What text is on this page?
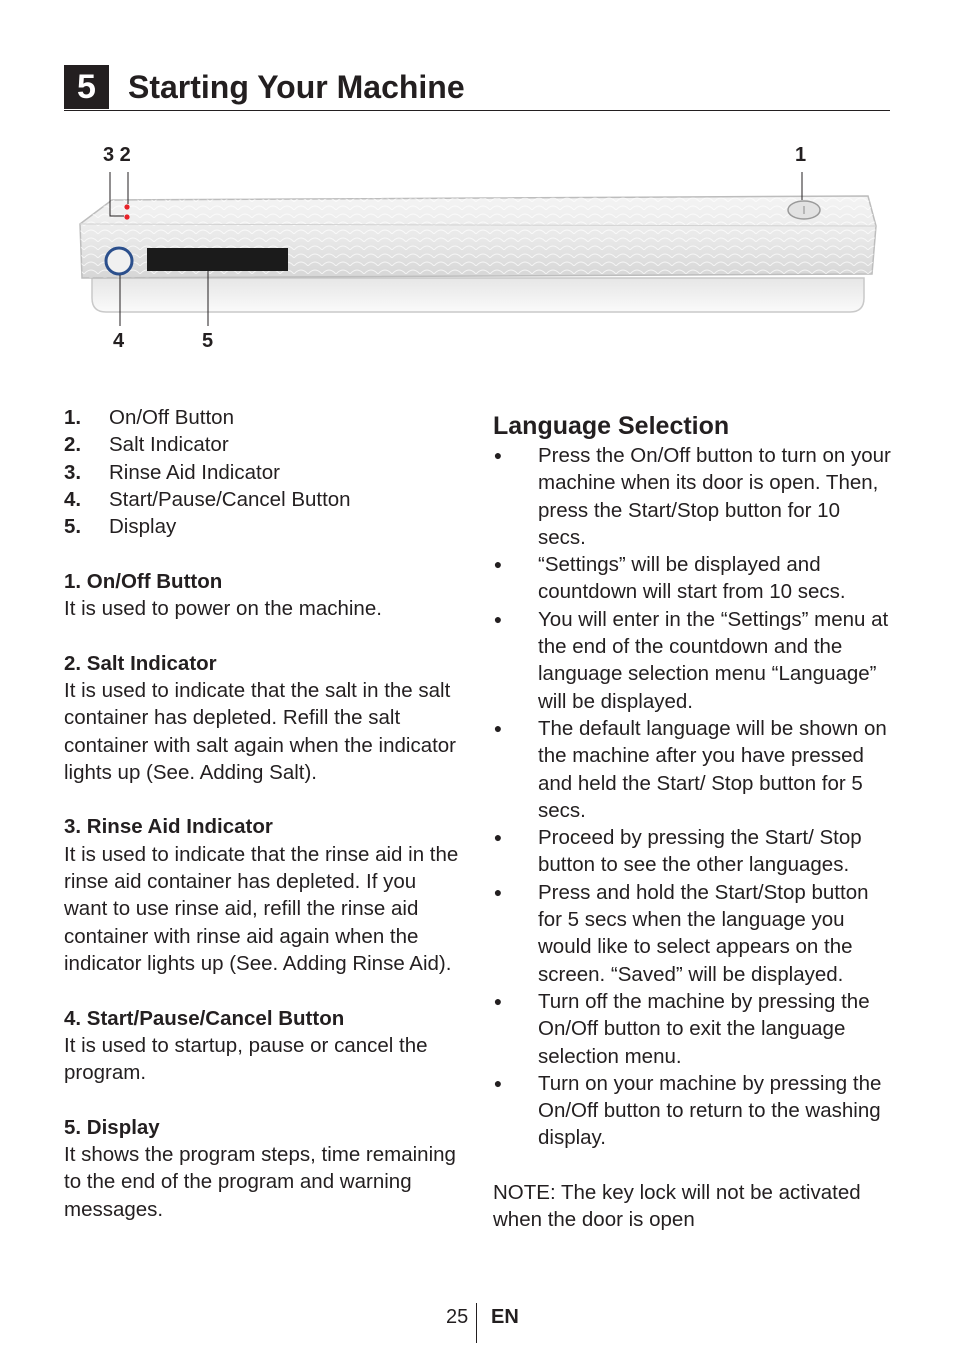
5	Starting Your Machine
3 2	1
4	5
1. On/Off Button
2. Salt Indicator
3. Rinse Aid Indicator
4. Start/Pause/Cancel Button
5. Display
1. On/Off Button

It is used to power on the machine.

2. Salt Indicator

It is used to indicate that the salt in the salt container has depleted. Refill the salt container with salt again when the indicator lights up (See. Adding Salt).

3. Rinse Aid Indicator

It is used to indicate that the rinse aid in the rinse aid container has depleted. If you want to use rinse aid, refill the rinse aid container with rinse aid again when the indicator lights up (See. Adding Rinse Aid).

4. Start/Pause/Cancel Button

It is used to startup, pause or cancel the program.

5. Display

It shows the program steps, time remaining to the end of the program and warning messages.

Language Selection
● Press the On/Off button to turn on your machine when its door is open. Then, press the Start/Stop button for 10 secs.
● “Settings” will be displayed and countdown will start from 10 secs.
● You will enter in the “Settings” menu at the end of the countdown and the language selection menu “Language” will be displayed.
● The default language will be shown on the machine after you have pressed and held the Start/ Stop button for 5 secs.
● Proceed by pressing the Start/ Stop button to see the other languages.
● Press and hold the Start/Stop button for 5 secs when the language you would like to select appears on the screen. “Saved” will be displayed.
● Turn off the machine by pressing the On/Off button to exit the language selection menu.
● Turn on your machine by pressing the On/Off button to return to the washing display.

NOTE: The key lock will not be activated when the door is open

25 EN
